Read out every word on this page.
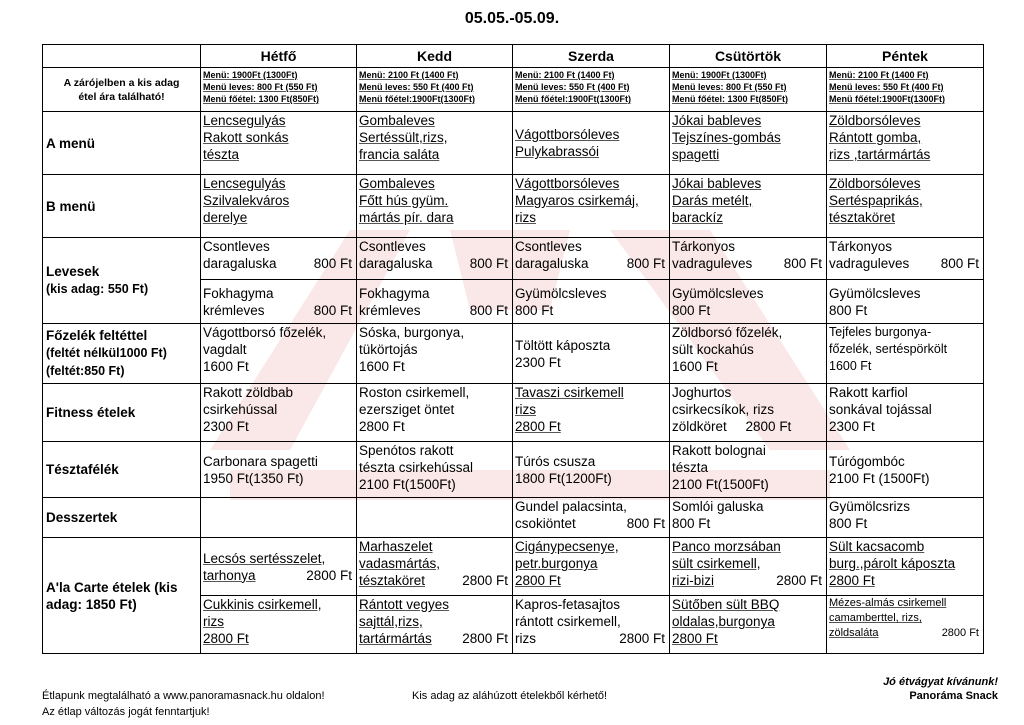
05.05.-05.09.
	Hétfő	Kedd	Szerda	Csütörtök	Péntek
A zárójelben a kis adag
étel ára található!	Menü: 1900Ft (1300Ft)
Menü leves: 800 Ft (550 Ft)
Menü főétel: 1300 Ft(850Ft)	Menü: 2100 Ft (1400 Ft)
Menü leves: 550 Ft (400 Ft)
Menü főétel:1900Ft(1300Ft)	Menü: 2100 Ft (1400 Ft)
Menü leves: 550 Ft (400 Ft)
Menü főétel:1900Ft(1300Ft)	Menü: 1900Ft (1300Ft)
Menü leves: 800 Ft (550 Ft)
Menü főétel: 1300 Ft(850Ft)	Menü: 2100 Ft (1400 Ft)
Menü leves: 550 Ft (400 Ft)
Menü főétel:1900Ft(1300Ft)

A menü	Lencsegulyás
Rakott sonkás
tészta	Gombaleves
Sertéssült,rizs,
francia saláta	Vágottborsóleves
Pulykabrassói	Jókai bableves
Tejszínes-gombás
spagetti	Zöldborsóleves
Rántott gomba,
rizs ,tartármártás

B menü	Lencsegulyás
Szilvalekváros
derelye	Gombaleves
Főtt hús gyüm.
mártás pír. dara	Vágottborsóleves
Magyaros csirkemáj,
rizs	Jókai bableves
Darás metélt,
barackíz	Zöldborsóleves
Sertéspaprikás,
tésztaköret

Levesek
(kis adag: 550 Ft)	Csontleves
daragaluska 800 Ft	Csontleves
daragaluska 800 Ft	Csontleves
daragaluska 800 Ft	Tárkonyos
vadraguleves 800 Ft	Tárkonyos
vadraguleves 800 Ft

	Fokhagyma
krémleves 800 Ft	Fokhagyma
krémleves 800 Ft	Gyümölcsleves
800 Ft	Gyümölcsleves
800 Ft	Gyümölcsleves
800 Ft

Főzelék feltéttel
(feltét nélkül1000 Ft)
(feltét:850 Ft)	Vágottborsó főzelék,
vagdalt
1600 Ft	Sóska, burgonya,
tükörtojás
1600 Ft	Töltött káposzta
2300 Ft	Zöldborsó főzelék,
sült kockahús
1600 Ft	Tejfeles burgonya-
főzelék, sertéspörkölt
1600 Ft

Fitness ételek	Rakott zöldbab
csirkehússal
2300 Ft	Roston csirkemell,
ezersziget öntet
2800 Ft	Tavaszi csirkemell
rizs
2800 Ft	Joghurtos
csirkecsíkok, rizs
zöldköret     2800 Ft	Rakott karfiol
sonkával tojással
2300 Ft

Tésztafélék	Carbonara spagetti
1950 Ft(1350 Ft)	Spenótos rakott
tészta csirkehússal
2100 Ft(1500Ft)	Túrós csusza
1800 Ft(1200Ft)	Rakott bolognai
tészta
2100 Ft(1500Ft)	Túrógombóc
2100 Ft (1500Ft)

Desszertek			Gundel palacsinta,
csokiöntet 800 Ft	Somlói galuska
800 Ft	Gyümölcsrizs
800 Ft

A'la Carte ételek (kis
adag: 1850 Ft)	Lecsós sertésszelet,
tarhonya 2800 Ft	Marhaszelet
vadasmártás,
tésztaköret 2800 Ft	Cigánypecsenye,
petr.burgonya
2800 Ft	Panco morzsában
sült csirkemell,
rizi-bizi 2800 Ft	Sült kacsacomb
burg.,párolt káposzta
2800 Ft

	Cukkinis csirkemell,
rizs
2800 Ft	Rántott vegyes
sajttál,rizs,
tartármártás 2800 Ft	Kapros-fetasajtos
rántott csirkemell,
rizs 2800 Ft	Sütőben sült BBQ
oldalas,burgonya
2800 Ft	Mézes-almás csirkemell
camamberttel, rizs,
zöldsaláta 2800 Ft
Jó étvágyat kívánunk!
Étlapunk megtalálható a www.panoramasnack.hu oldalon!	Kis adag az aláhúzott ételekből kérhető!	Panoráma Snack
Az étlap változás jogát fenntartjuk!
